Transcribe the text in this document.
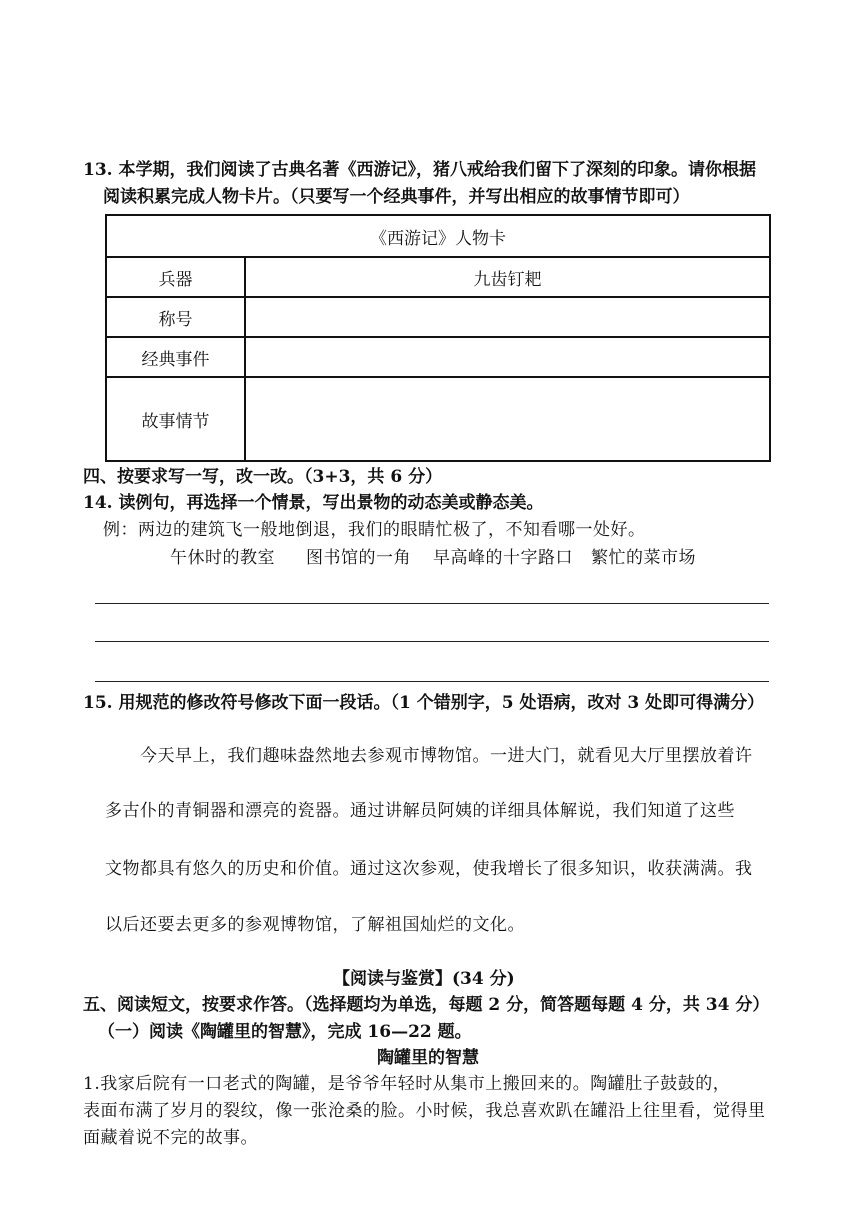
13. 本学期，我们阅读了古典名著《西游记》，猪八戒给我们留下了深刻的印象。请你根据
阅读积累完成人物卡片。（只要写一个经典事件，并写出相应的故事情节即可）
《西游记》人物卡	
兵器	九齿钉耙
称号	
经典事件	
故事情节	
四、按要求写一写，改一改。（3+3，共 6 分）
14. 读例句，再选择一个情景，写出景物的动态美或静态美。
例：两边的建筑飞一般地倒退，我们的眼睛忙极了，不知看哪一处好。
午休时的教室 图书馆的一角 早高峰的十字路口 繁忙的菜市场
15. 用规范的修改符号修改下面一段话。（1 个错别字，5 处语病，改对 3 处即可得满分）
今天早上，我们趣味盎然地去参观市博物馆。一进大门，就看见大厅里摆放着许
多古仆的青铜器和漂亮的瓷器。通过讲解员阿姨的详细具体解说，我们知道了这些
文物都具有悠久的历史和价值。通过这次参观，使我增长了很多知识，收获满满。我
以后还要去更多的参观博物馆，了解祖国灿烂的文化。
【阅读与鉴赏】(34 分)
五、阅读短文，按要求作答。（选择题均为单选，每题 2 分，简答题每题 4 分，共 34 分）
（一）阅读《陶罐里的智慧》，完成 16—22 题。
陶罐里的智慧
1.我家后院有一口老式的陶罐，是爷爷年轻时从集市上搬回来的。陶罐肚子鼓鼓的，
表面布满了岁月的裂纹，像一张沧桑的脸。小时候，我总喜欢趴在罐沿上往里看，觉得里
面藏着说不完的故事。
